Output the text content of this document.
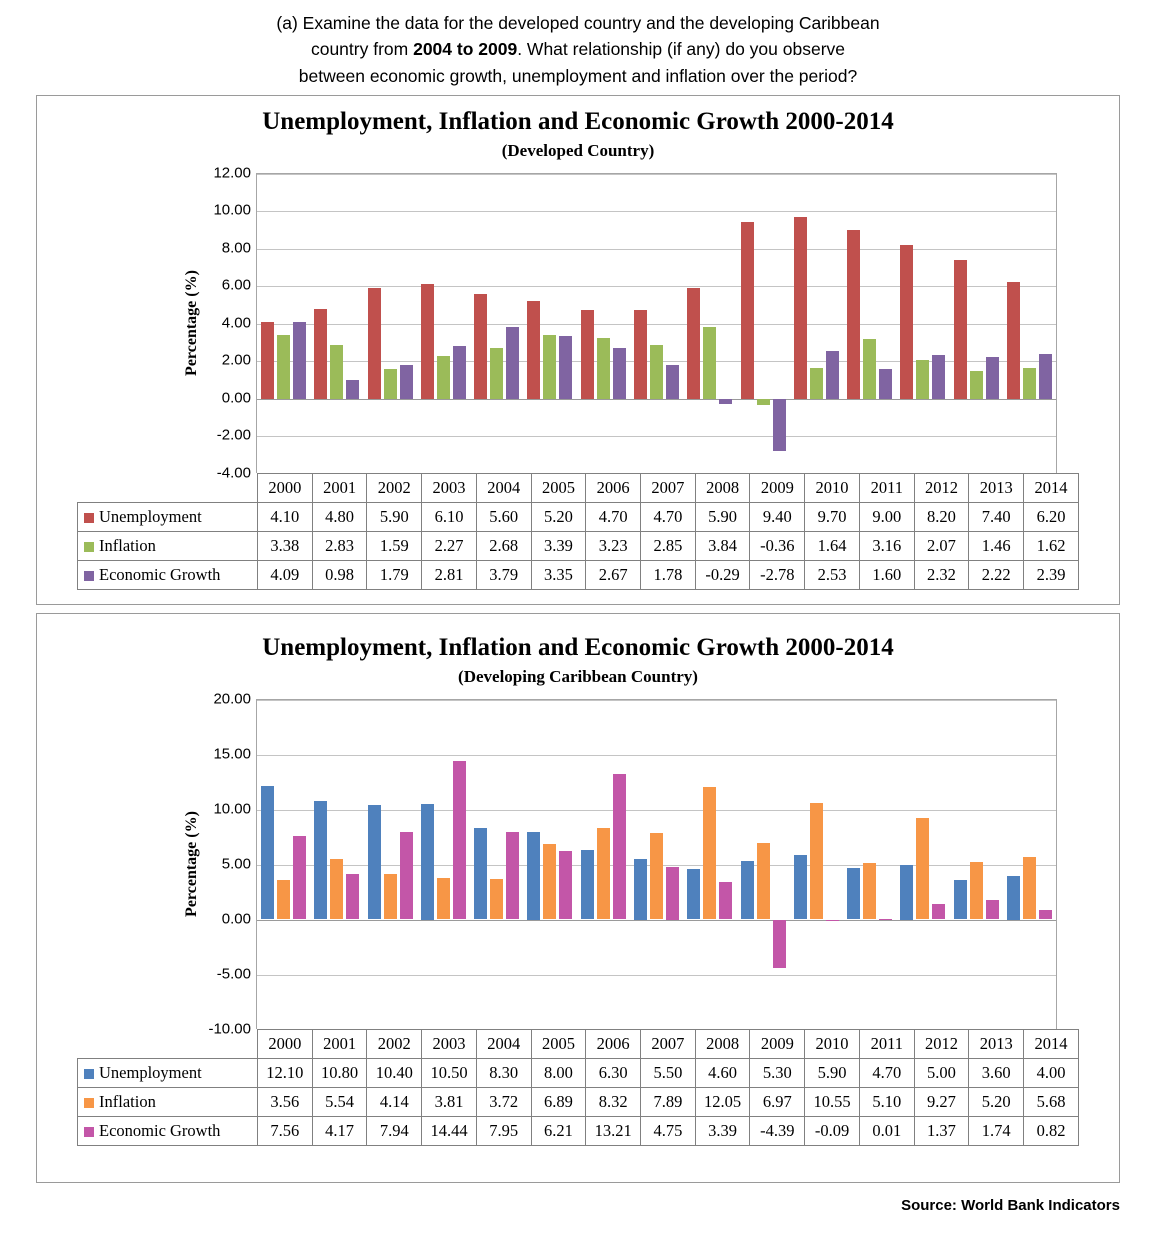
(a) Examine the data for the developed country and the developing Caribbean
country from 2004 to 2009. What relationship (if any) do you observe
between economic growth, unemployment and inflation over the period?
Unemployment, Inflation and Economic Growth 2000-2014
(Developed Country)
Percentage (%)
12.00
10.00
8.00
6.00
4.00
2.00
0.00
-2.00
-4.00
	2000	2001	2002	2003	2004	2005	2006	2007	2008	2009	2010	2011	2012	2013	2014
Unemployment	4.10	4.80	5.90	6.10	5.60	5.20	4.70	4.70	5.90	9.40	9.70	9.00	8.20	7.40	6.20
Inflation	3.38	2.83	1.59	2.27	2.68	3.39	3.23	2.85	3.84	-0.36	1.64	3.16	2.07	1.46	1.62
Economic Growth	4.09	0.98	1.79	2.81	3.79	3.35	2.67	1.78	-0.29	-2.78	2.53	1.60	2.32	2.22	2.39
Unemployment, Inflation and Economic Growth 2000-2014
(Developing Caribbean Country)
Percentage (%)
20.00
15.00
10.00
5.00
0.00
-5.00
-10.00
	2000	2001	2002	2003	2004	2005	2006	2007	2008	2009	2010	2011	2012	2013	2014
Unemployment	12.10	10.80	10.40	10.50	8.30	8.00	6.30	5.50	4.60	5.30	5.90	4.70	5.00	3.60	4.00
Inflation	3.56	5.54	4.14	3.81	3.72	6.89	8.32	7.89	12.05	6.97	10.55	5.10	9.27	5.20	5.68
Economic Growth	7.56	4.17	7.94	14.44	7.95	6.21	13.21	4.75	3.39	-4.39	-0.09	0.01	1.37	1.74	0.82
Source: World Bank Indicators
